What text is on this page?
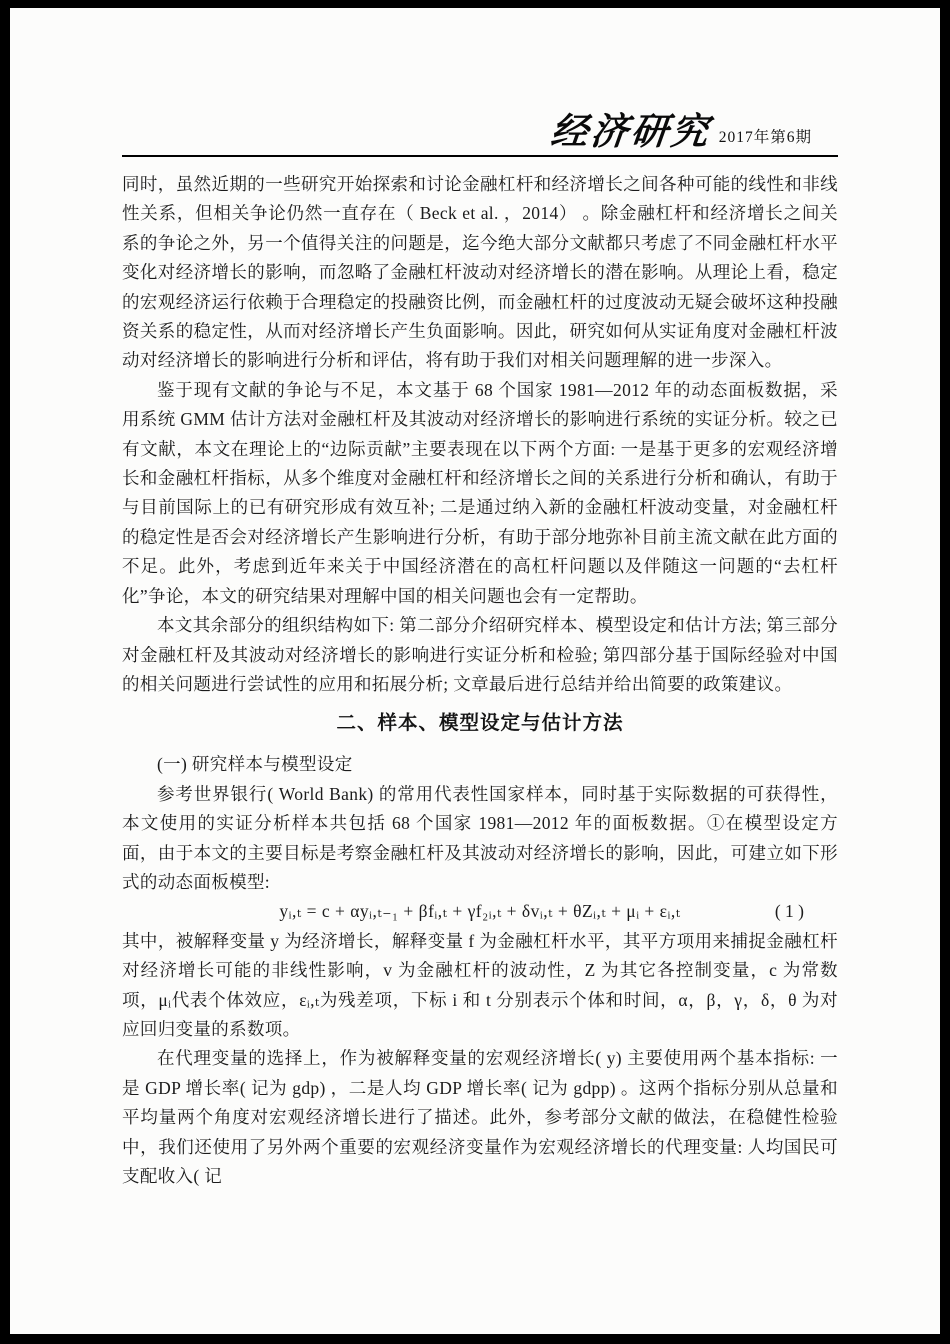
经济研究 2017年第6期

同时，虽然近期的一些研究开始探索和讨论金融杠杆和经济增长之间各种可能的线性和非线性关系，但相关争论仍然一直存在（ Beck et al. ，2014） 。除金融杠杆和经济增长之间关系的争论之外，另一个值得关注的问题是，迄今绝大部分文献都只考虑了不同金融杠杆水平变化对经济增长的影响，而忽略了金融杠杆波动对经济增长的潜在影响。从理论上看，稳定的宏观经济运行依赖于合理稳定的投融资比例，而金融杠杆的过度波动无疑会破坏这种投融资关系的稳定性，从而对经济增长产生负面影响。因此，研究如何从实证角度对金融杠杆波动对经济增长的影响进行分析和评估，将有助于我们对相关问题理解的进一步深入。

鉴于现有文献的争论与不足，本文基于 68 个国家 1981—2012 年的动态面板数据，采用系统 GMM 估计方法对金融杠杆及其波动对经济增长的影响进行系统的实证分析。较之已有文献，本文在理论上的“边际贡献”主要表现在以下两个方面: 一是基于更多的宏观经济增长和金融杠杆指标，从多个维度对金融杠杆和经济增长之间的关系进行分析和确认，有助于与目前国际上的已有研究形成有效互补; 二是通过纳入新的金融杠杆波动变量，对金融杠杆的稳定性是否会对经济增长产生影响进行分析，有助于部分地弥补目前主流文献在此方面的不足。此外，考虑到近年来关于中国经济潜在的高杠杆问题以及伴随这一问题的“去杠杆化”争论，本文的研究结果对理解中国的相关问题也会有一定帮助。

本文其余部分的组织结构如下: 第二部分介绍研究样本、模型设定和估计方法; 第三部分对金融杠杆及其波动对经济增长的影响进行实证分析和检验; 第四部分基于国际经验对中国的相关问题进行尝试性的应用和拓展分析; 文章最后进行总结并给出简要的政策建议。

二、样本、模型设定与估计方法

(一) 研究样本与模型设定

参考世界银行( World Bank) 的常用代表性国家样本，同时基于实际数据的可获得性，本文使用的实证分析样本共包括 68 个国家 1981—2012 年的面板数据。①在模型设定方面，由于本文的主要目标是考察金融杠杆及其波动对经济增长的影响，因此，可建立如下形式的动态面板模型:

yᵢ,ₜ = c + αyᵢ,ₜ₋₁ + βfᵢ,ₜ + γf₂ᵢ,ₜ + δvᵢ,ₜ + θZᵢ,ₜ + μᵢ + εᵢ,ₜ	( 1 )

其中，被解释变量 y 为经济增长，解释变量 f 为金融杠杆水平，其平方项用来捕捉金融杠杆对经济增长可能的非线性影响，v 为金融杠杆的波动性，Z 为其它各控制变量，c 为常数项，μᵢ代表个体效应，εᵢ,ₜ为残差项，下标 i 和 t 分别表示个体和时间，α，β，γ，δ，θ 为对应回归变量的系数项。

在代理变量的选择上，作为被解释变量的宏观经济增长( y) 主要使用两个基本指标: 一是 GDP 增长率( 记为 gdp) ，二是人均 GDP 增长率( 记为 gdpp) 。这两个指标分别从总量和平均量两个角度对宏观经济增长进行了描述。此外，参考部分文献的做法，在稳健性检验中，我们还使用了另外两个重要的宏观经济变量作为宏观经济增长的代理变量: 人均国民可支配收入( 记
